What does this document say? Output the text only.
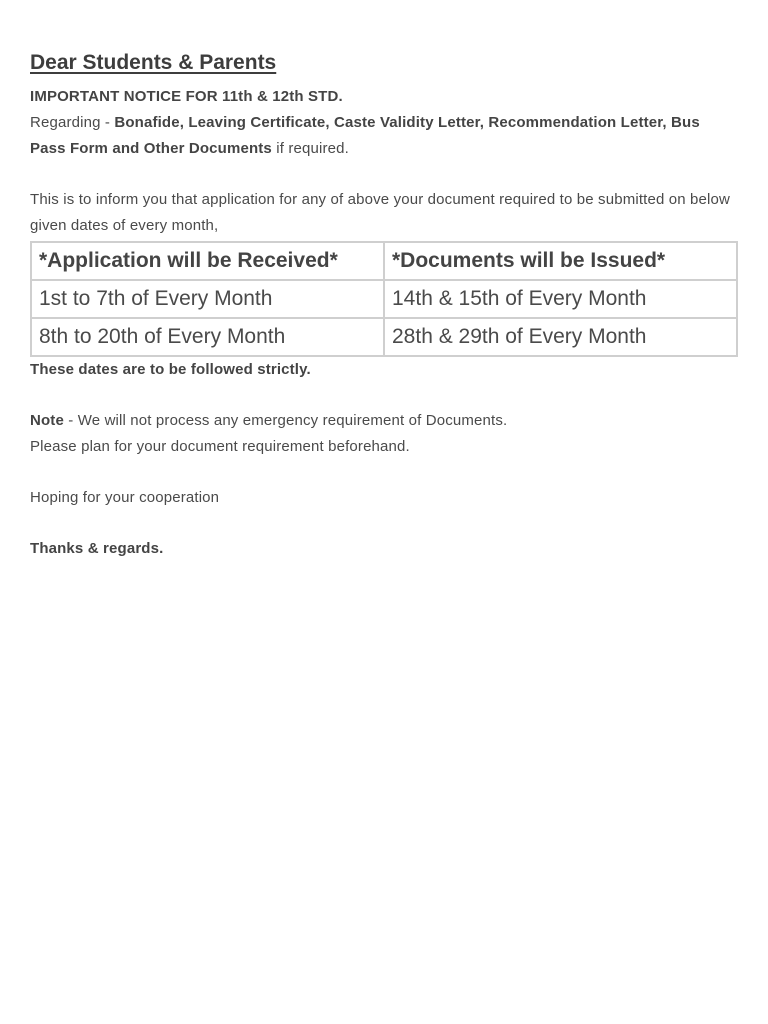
Dear Students & Parents

IMPORTANT NOTICE FOR 11th & 12th STD.

Regarding - Bonafide, Leaving Certificate, Caste Validity Letter, Recommendation Letter, Bus Pass Form and Other Documents if required.

This is to inform you that application for any of above your document required to be submitted on below given dates of every month,

*Application will be Received*	*Documents will be Issued*
1st to 7th of Every Month	14th & 15th of Every Month
8th to 20th of Every Month	28th & 29th of Every Month

These dates are to be followed strictly.

Note - We will not process any emergency requirement of Documents.

Please plan for your document requirement beforehand.

Hoping for your cooperation

Thanks & regards.
